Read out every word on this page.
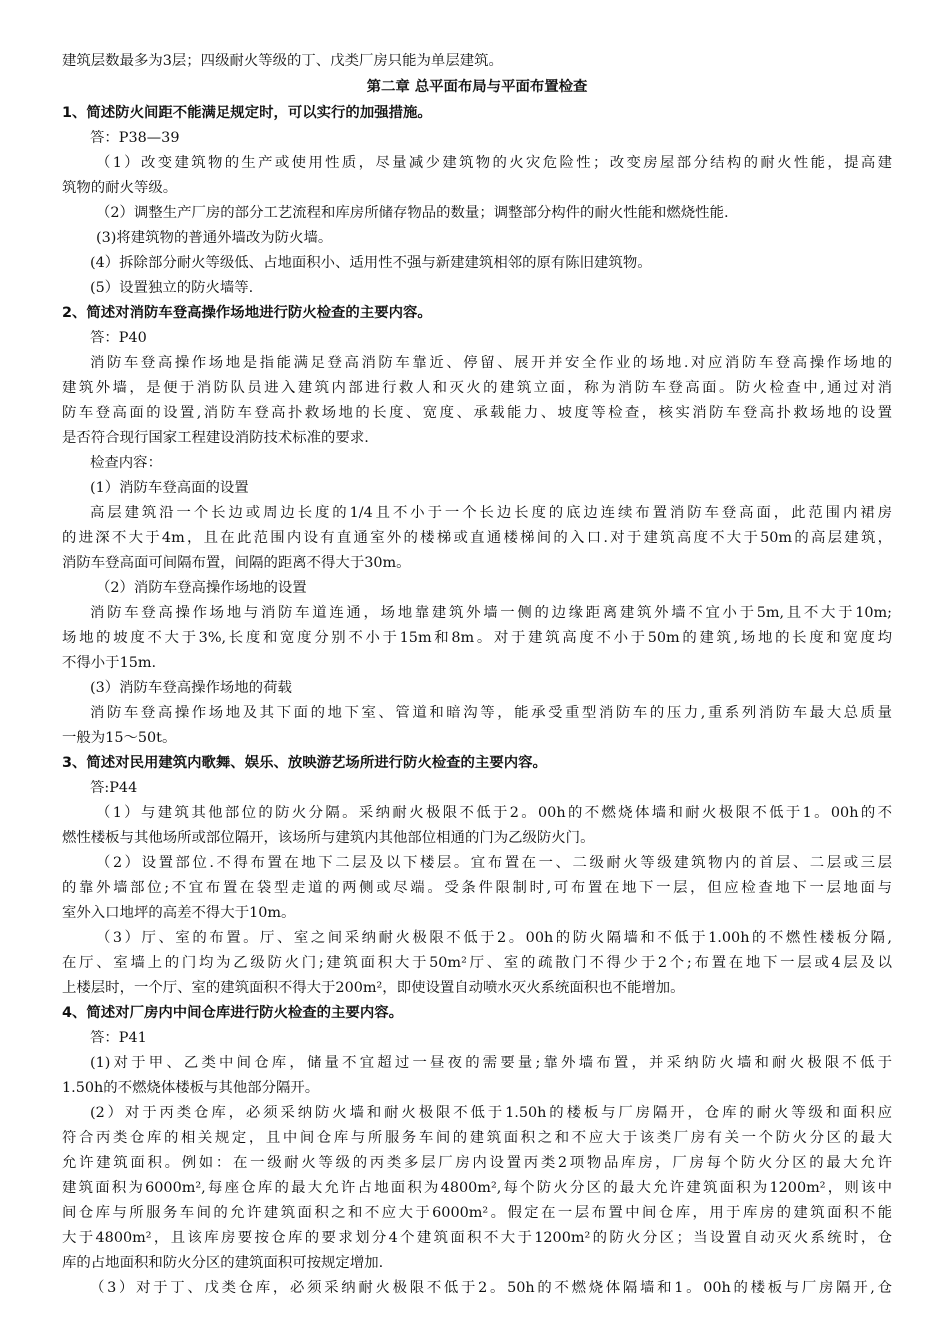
建筑层数最多为3层；四级耐火等级的丁、戊类厂房只能为单层建筑。
第二章 总平面布局与平面布置检查
1、简述防火间距不能满足规定时，可以实行的加强措施。
答：P38—39
（1）改变建筑物的生产或使用性质，尽量减少建筑物的火灾危险性；改变房屋部分结构的耐火性能，提高建
筑物的耐火等级。
（2）调整生产厂房的部分工艺流程和库房所储存物品的数量；调整部分构件的耐火性能和燃烧性能.
(3)将建筑物的普通外墙改为防火墙。
(4）拆除部分耐火等级低、占地面积小、适用性不强与新建建筑相邻的原有陈旧建筑物。
(5）设置独立的防火墙等.
2、简述对消防车登高操作场地进行防火检查的主要内容。
答：P40
消防车登高操作场地是指能满足登高消防车靠近、停留、展开并安全作业的场地.对应消防车登高操作场地的
建筑外墙，是便于消防队员进入建筑内部进行救人和灭火的建筑立面，称为消防车登高面。防火检查中,通过对消
防车登高面的设置,消防车登高扑救场地的长度、宽度、承载能力、坡度等检查，核实消防车登高扑救场地的设置
是否符合现行国家工程建设消防技术标准的要求.
检查内容：
(1）消防车登高面的设置
高层建筑沿一个长边或周边长度的1/4且不小于一个长边长度的底边连续布置消防车登高面，此范围内裙房
的进深不大于4m，且在此范围内设有直通室外的楼梯或直通楼梯间的入口.对于建筑高度不大于50m的高层建筑，
消防车登高面可间隔布置，间隔的距离不得大于30m。
（2）消防车登高操作场地的设置
消防车登高操作场地与消防车道连通，场地靠建筑外墙一侧的边缘距离建筑外墙不宜小于5m,且不大于10m;
场地的坡度不大于3%,长度和宽度分别不小于15m和8m。对于建筑高度不小于50m的建筑,场地的长度和宽度均
不得小于15m.
(3）消防车登高操作场地的荷载
消防车登高操作场地及其下面的地下室、管道和暗沟等，能承受重型消防车的压力,重系列消防车最大总质量
一般为15～50t。
3、简述对民用建筑内歌舞、娱乐、放映游艺场所进行防火检查的主要内容。
答:P44
（1）与建筑其他部位的防火分隔。采纳耐火极限不低于2。00h的不燃烧体墙和耐火极限不低于1。00h的不
燃性楼板与其他场所或部位隔开，该场所与建筑内其他部位相通的门为乙级防火门。
（2）设置部位.不得布置在地下二层及以下楼层。宜布置在一、二级耐火等级建筑物内的首层、二层或三层
的靠外墙部位;不宜布置在袋型走道的两侧或尽端。受条件限制时,可布置在地下一层，但应检查地下一层地面与
室外入口地坪的高差不得大于10m。
（3）厅、室的布置。厅、室之间采纳耐火极限不低于2。00h的防火隔墙和不低于1.00h的不燃性楼板分隔,
在厅、室墙上的门均为乙级防火门;建筑面积大于50m²厅、室的疏散门不得少于2个;布置在地下一层或4层及以
上楼层时，一个厅、室的建筑面积不得大于200m²，即使设置自动喷水灭火系统面积也不能增加。
4、简述对厂房内中间仓库进行防火检查的主要内容。
答：P41
(1)对于甲、乙类中间仓库，储量不宜超过一昼夜的需要量;靠外墙布置，并采纳防火墙和耐火极限不低于
1.50h的不燃烧体楼板与其他部分隔开。
(2）对于丙类仓库，必须采纳防火墙和耐火极限不低于1.50h的楼板与厂房隔开，仓库的耐火等级和面积应
符合丙类仓库的相关规定，且中间仓库与所服务车间的建筑面积之和不应大于该类厂房有关一个防火分区的最大
允许建筑面积。例如：在一级耐火等级的丙类多层厂房内设置丙类2项物品库房，厂房每个防火分区的最大允许
建筑面积为6000m²,每座仓库的最大允许占地面积为4800m²,每个防火分区的最大允许建筑面积为1200m²，则该中
间仓库与所服务车间的允许建筑面积之和不应大于6000m²。假定在一层布置中间仓库，用于库房的建筑面积不能
大于4800m²，且该库房要按仓库的要求划分4个建筑面积不大于1200m²的防火分区；当设置自动灭火系统时，仓
库的占地面积和防火分区的建筑面积可按规定增加.
（3）对于丁、戊类仓库，必须采纳耐火极限不低于2。50h的不燃烧体隔墙和1。00h的楼板与厂房隔开,仓
